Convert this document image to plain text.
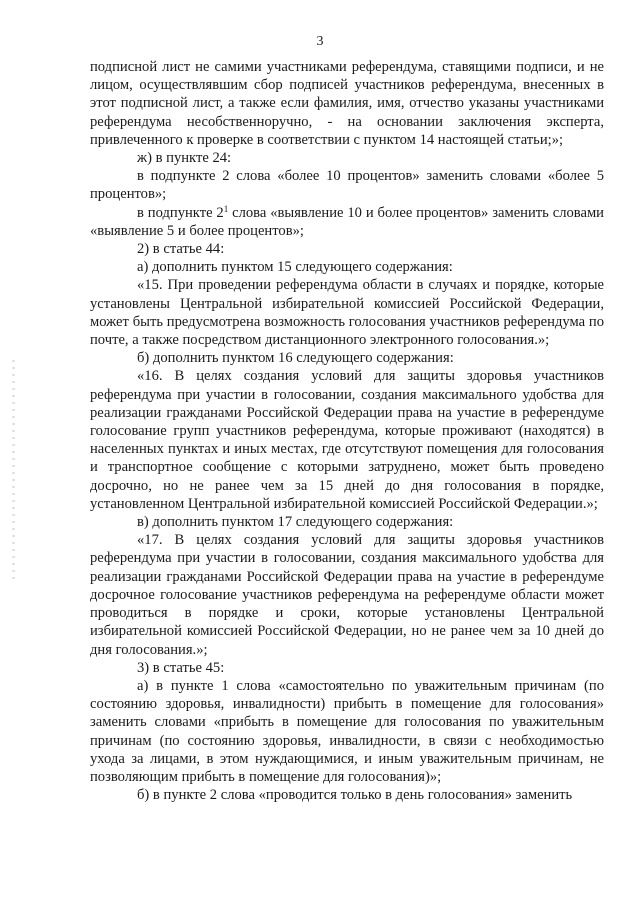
3

подписной лист не самими участниками референдума, ставящими подписи, и не лицом, осуществлявшим сбор подписей участников референдума, внесенных в этот подписной лист, а также если фамилия, имя, отчество указаны участниками референдума несобственноручно, - на основании заключения эксперта, привлеченного к проверке в соответствии с пунктом 14 настоящей статьи;»;

ж) в пункте 24:

в подпункте 2 слова «более 10 процентов» заменить словами «более 5 процентов»;

в подпункте $2^1$ слова «выявление 10 и более процентов» заменить словами «выявление 5 и более процентов»;

2) в статье 44:

а) дополнить пунктом 15 следующего содержания:

«15. При проведении референдума области в случаях и порядке, которые установлены Центральной избирательной комиссией Российской Федерации, может быть предусмотрена возможность голосования участников референдума по почте, а также посредством дистанционного электронного голосования.»;

б) дополнить пунктом 16 следующего содержания:

«16. В целях создания условий для защиты здоровья участников референдума при участии в голосовании, создания максимального удобства для реализации гражданами Российской Федерации права на участие в референдуме голосование групп участников референдума, которые проживают (находятся) в населенных пунктах и иных местах, где отсутствуют помещения для голосования и транспортное сообщение с которыми затруднено, может быть проведено досрочно, но не ранее чем за 15 дней до дня голосования в порядке, установленном Центральной избирательной комиссией Российской Федерации.»;

в) дополнить пунктом 17 следующего содержания:

«17. В целях создания условий для защиты здоровья участников референдума при участии в голосовании, создания максимального удобства для реализации гражданами Российской Федерации права на участие в референдуме досрочное голосование участников референдума на референдуме области может проводиться в порядке и сроки, которые установлены Центральной избирательной комиссией Российской Федерации, но не ранее чем за 10 дней до дня голосования.»;

3) в статье 45:

а) в пункте 1 слова «самостоятельно по уважительным причинам (по состоянию здоровья, инвалидности) прибыть в помещение для голосования» заменить словами «прибыть в помещение для голосования по уважительным причинам (по состоянию здоровья, инвалидности, в связи с необходимостью ухода за лицами, в этом нуждающимися, и иным уважительным причинам, не позволяющим прибыть в помещение для голосования)»;

б) в пункте 2 слова «проводится только в день голосования» заменить
